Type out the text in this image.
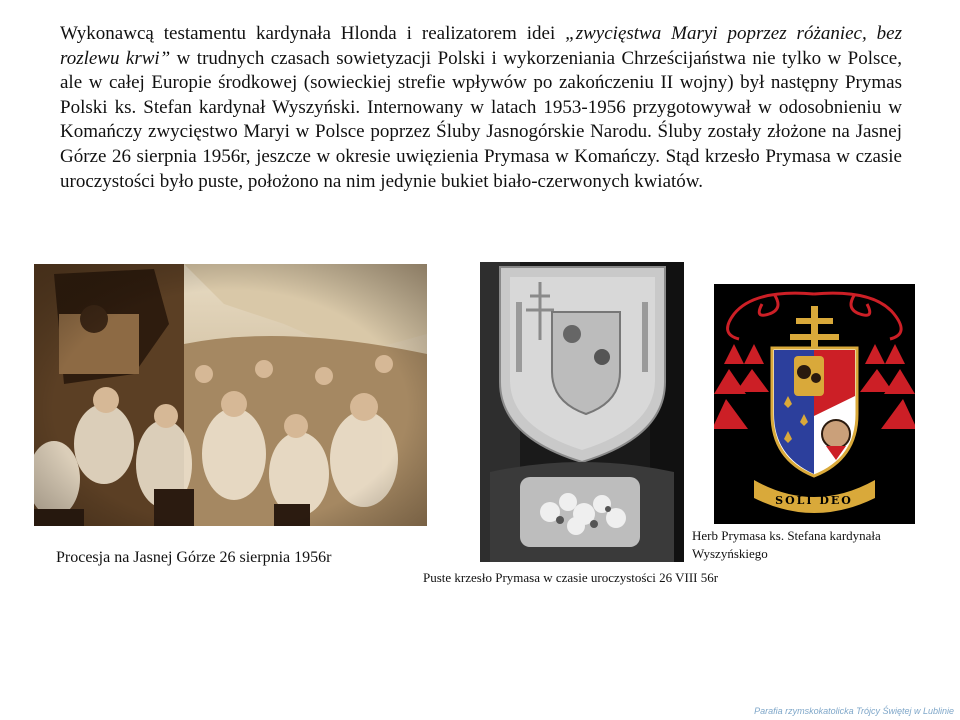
Wykonawcą testamentu kardynała Hlonda i realizatorem idei „zwycięstwa Maryi poprzez różaniec, bez rozlewu krwi” w trudnych czasach sowietyzacji Polski i wykorzeniania Chrześcijaństwa nie tylko w Polsce, ale w całej Europie środkowej (sowieckiej strefie wpływów po zakończeniu II wojny) był następny Prymas Polski ks. Stefan kardynał Wyszyński. Internowany w latach 1953-1956 przygotowywał w odosobnieniu w Komańczy zwycięstwo Maryi w Polsce poprzez Śluby Jasnogórskie Narodu. Śluby zostały złożone na Jasnej Górze 26 sierpnia 1956r, jeszcze w okresie uwięzienia Prymasa w Komańczy. Stąd krzesło Prymasa w czasie uroczystości było puste, położono na nim jedynie bukiet biało-czerwonych kwiatów.

Procesja na Jasnej Górze 26 sierpnia 1956r
Puste krzesło Prymasa w czasie uroczystości 26 VIII 56r
SOLI DEO
Herb Prymasa ks. Stefana kardynała
Wyszyńskiego
Parafia rzymskokatolicka Trójcy Świętej w Lublinie
